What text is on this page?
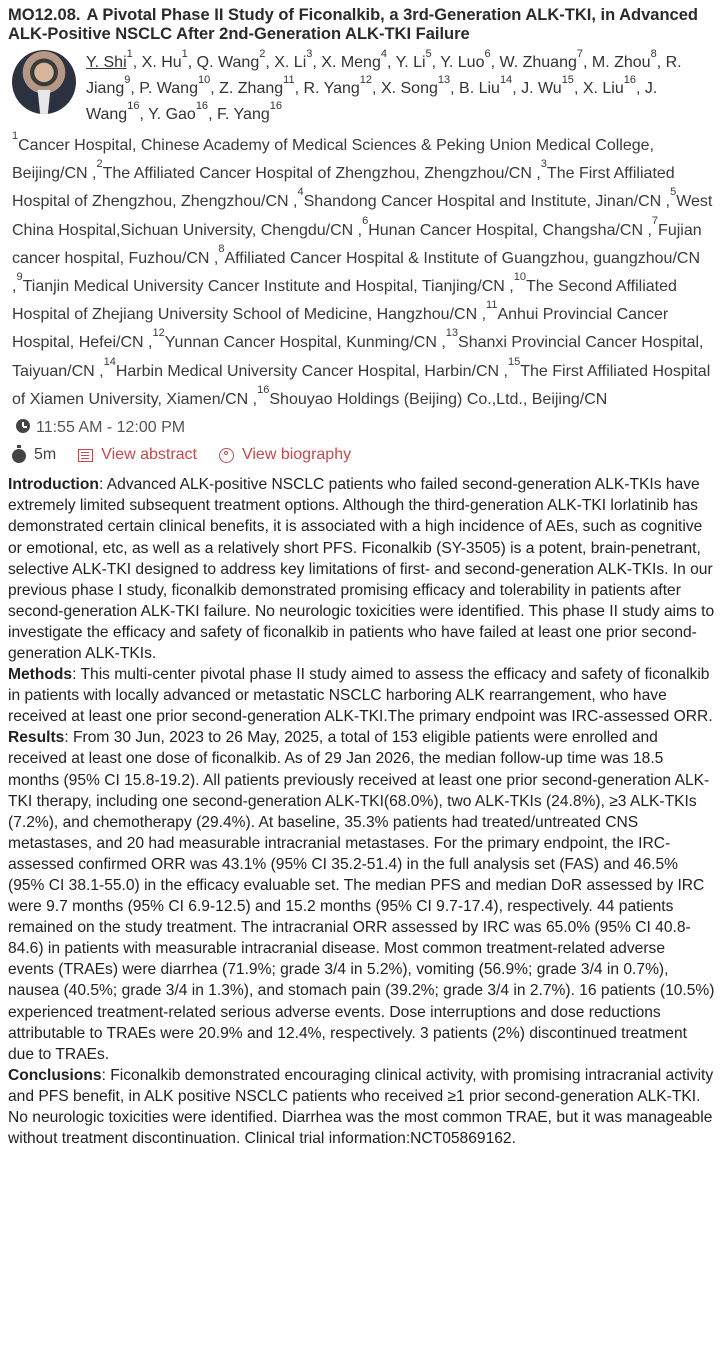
MO12.08. A Pivotal Phase II Study of Ficonalkib, a 3rd-Generation ALK-TKI, in Advanced ALK-Positive NSCLC After 2nd-Generation ALK-TKI Failure
Y. Shi$^1$, X. Hu$^1$, Q. Wang$^2$, X. Li$^3$, X. Meng$^4$, Y. Li$^5$, Y. Luo$^6$, W. Zhuang$^7$, M. Zhou$^8$, R. Jiang$^9$, P. Wang$^{10}$, Z. Zhang$^{11}$, R. Yang$^{12}$, X. Song$^{13}$, B. Liu$^{14}$, J. Wu$^{15}$, X. Liu$^{16}$, J. Wang$^{16}$, Y. Gao$^{16}$, F. Yang$^{16}$
$^1$Cancer Hospital, Chinese Academy of Medical Sciences & Peking Union Medical College, Beijing/CN ,$^2$The Affiliated Cancer Hospital of Zhengzhou, Zhengzhou/CN ,$^3$The First Affiliated Hospital of Zhengzhou, Zhengzhou/CN ,$^4$Shandong Cancer Hospital and Institute, Jinan/CN ,$^5$West China Hospital,Sichuan University, Chengdu/CN ,$^6$Hunan Cancer Hospital, Changsha/CN ,$^7$Fujian cancer hospital, Fuzhou/CN ,$^8$Affiliated Cancer Hospital & Institute of Guangzhou, guangzhou/CN ,$^9$Tianjin Medical University Cancer Institute and Hospital, Tianjing/CN ,$^{10}$The Second Affiliated Hospital of Zhejiang University School of Medicine, Hangzhou/CN ,$^{11}$Anhui Provincial Cancer Hospital, Hefei/CN ,$^{12}$Yunnan Cancer Hospital, Kunming/CN ,$^{13}$Shanxi Provincial Cancer Hospital, Taiyuan/CN ,$^{14}$Harbin Medical University Cancer Hospital, Harbin/CN ,$^{15}$The First Affiliated Hospital of Xiamen University, Xiamen/CN ,$^{16}$Shouyao Holdings (Beijing) Co.,Ltd., Beijing/CN11:55 AM - 12:00 PM
5m	View abstract	View biography

Introduction: Advanced ALK-positive NSCLC patients who failed second-generation ALK-TKIs have extremely limited subsequent treatment options. Although the third-generation ALK-TKI lorlatinib has demonstrated certain clinical benefits, it is associated with a high incidence of AEs, such as cognitive or emotional, etc, as well as a relatively short PFS. Ficonalkib (SY-3505) is a potent, brain-penetrant, selective ALK-TKI designed to address key limitations of first- and second-generation ALK-TKIs. In our previous phase I study, ficonalkib demonstrated promising efficacy and tolerability in patients after second-generation ALK-TKI failure. No neurologic toxicities were identified. This phase II study aims to investigate the efficacy and safety of ficonalkib in patients who have failed at least one prior second-generation ALK-TKIs.

Methods: This multi-center pivotal phase II study aimed to assess the efficacy and safety of ficonalkib in patients with locally advanced or metastatic NSCLC harboring ALK rearrangement, who have received at least one prior second-generation ALK-TKI.The primary endpoint was IRC-assessed ORR.

Results: From 30 Jun, 2023 to 26 May, 2025, a total of 153 eligible patients were enrolled and received at least one dose of ficonalkib. As of 29 Jan 2026, the median follow-up time was 18.5 months (95% CI 15.8-19.2). All patients previously received at least one prior second-generation ALK-TKI therapy, including one second-generation ALK-TKI(68.0%), two ALK-TKIs (24.8%), ≥3 ALK-TKIs (7.2%), and chemotherapy (29.4%). At baseline, 35.3% patients had treated/untreated CNS metastases, and 20 had measurable intracranial metastases. For the primary endpoint, the IRC-assessed confirmed ORR was 43.1% (95% CI 35.2-51.4) in the full analysis set (FAS) and 46.5% (95% CI 38.1-55.0) in the efficacy evaluable set. The median PFS and median DoR assessed by IRC were 9.7 months (95% CI 6.9-12.5) and 15.2 months (95% CI 9.7-17.4), respectively. 44 patients remained on the study treatment. The intracranial ORR assessed by IRC was 65.0% (95% CI 40.8-84.6) in patients with measurable intracranial disease. Most common treatment-related adverse events (TRAEs) were diarrhea (71.9%; grade 3/4 in 5.2%), vomiting (56.9%; grade 3/4 in 0.7%), nausea (40.5%; grade 3/4 in 1.3%), and stomach pain (39.2%; grade 3/4 in 2.7%). 16 patients (10.5%) experienced treatment-related serious adverse events. Dose interruptions and dose reductions attributable to TRAEs were 20.9% and 12.4%, respectively. 3 patients (2%) discontinued treatment due to TRAEs.

Conclusions: Ficonalkib demonstrated encouraging clinical activity, with promising intracranial activity and PFS benefit, in ALK positive NSCLC patients who received ≥1 prior second-generation ALK-TKI. No neurologic toxicities were identified. Diarrhea was the most common TRAE, but it was manageable without treatment discontinuation. Clinical trial information:NCT05869162.
